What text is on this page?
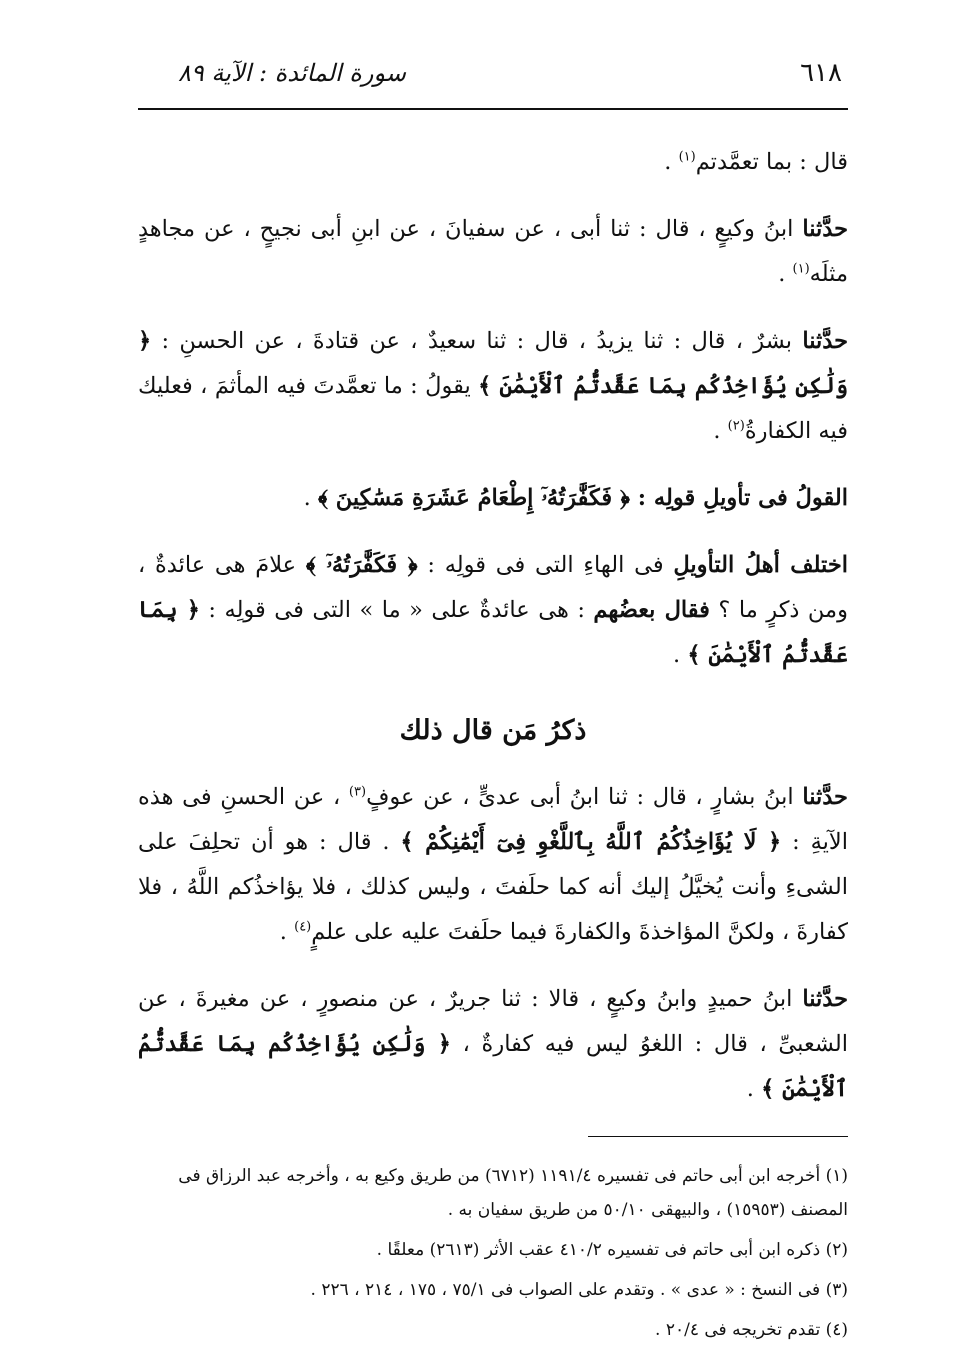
٦١٨
سورة المائدة : الآية ٨٩

قال : بما تعمَّدتم$^{(١)}$ .

حدَّثنا ابنُ وكيعٍ ، قال : ثنا أبى ، عن سفيانَ ، عن ابنِ أبى نجيحٍ ، عن مجاهدٍ مثلَه$^{(١)}$ .

حدَّثنا بشرٌ ، قال : ثنا يزيدُ ، قال : ثنا سعيدٌ ، عن قتادةَ ، عن الحسنِ : ﴿ وَلَٰكِن يُؤَاخِذُكُم بِمَا عَقَّدتُّمُ ٱلْأَيْمَٰنَ ﴾ يقولُ : ما تعمَّدتَ فيه المأثمَ ، فعليك فيه الكفارةُ$^{(٢)}$ .

القولُ فى تأويلِ قولِه : ﴿ فَكَفَّٰرَتُهُۥٓ إِطْعَامُ عَشَرَةِ مَسَٰكِينَ ﴾ .

اختلف أهلُ التأويلِ فى الهاءِ التى فى قولِه : ﴿ فَكَفَّٰرَتُهُۥٓ ﴾ علامَ هى عائدةٌ ، ومن ذكرٍ ما ؟ فقال بعضُهم : هى عائدةٌ على « ما » التى فى قولِه : ﴿ بِمَا عَقَّدتُّمُ ٱلْأَيْمَٰنَ ﴾ .

ذكرُ مَن قال ذلك

حدَّثنا ابنُ بشارٍ ، قال : ثنا ابنُ أبى عدىٍّ ، عن عوفٍ$^{(٣)}$ ، عن الحسنِ فى هذه الآيةِ : ﴿ لَا يُؤَاخِذُكُمُ ٱللَّهُ بِٱللَّغْوِ فِىٓ أَيْمَٰنِكُمْ ﴾ . قال : هو أن تحلِفَ على الشىءِ وأنت يُخيَّلُ إليك أنه كما حلَفتَ ، وليس كذلك ، فلا يؤاخذُكم اللَّهُ ، فلا كفارةَ ، ولكنَّ المؤاخذةَ والكفارةَ فيما حلَفتَ عليه على علمٍ$^{(٤)}$ .

حدَّثنا ابنُ حميدٍ وابنُ وكيعٍ ، قالا : ثنا جريرٌ ، عن منصورٍ ، عن مغيرةَ ، عن الشعبىِّ ، قال : اللغوُ ليس فيه كفارةٌ ، ﴿ وَلَٰكِن يُؤَاخِذُكُم بِمَا عَقَّدتُّمُ ٱلْأَيْمَٰنَ ﴾ .

(١) أخرجه ابن أبى حاتم فى تفسيره ١١٩١/٤ (٦٧١٢) من طريق وكيع به ، وأخرجه عبد الرزاق فى المصنف (١٥٩٥٣) ، والبيهقى ٥٠/١٠ من طريق سفيان به .

(٢) ذكره ابن أبى حاتم فى تفسيره ٤١٠/٢ عقب الأثر (٢٦١٣) معلقًا .

(٣) فى النسخ : « عدى » . وتقدم على الصواب فى ٧٥/١ ، ١٧٥ ، ٢١٤ ، ٢٢٦ .

(٤) تقدم تخريجه فى ٢٠/٤ .
